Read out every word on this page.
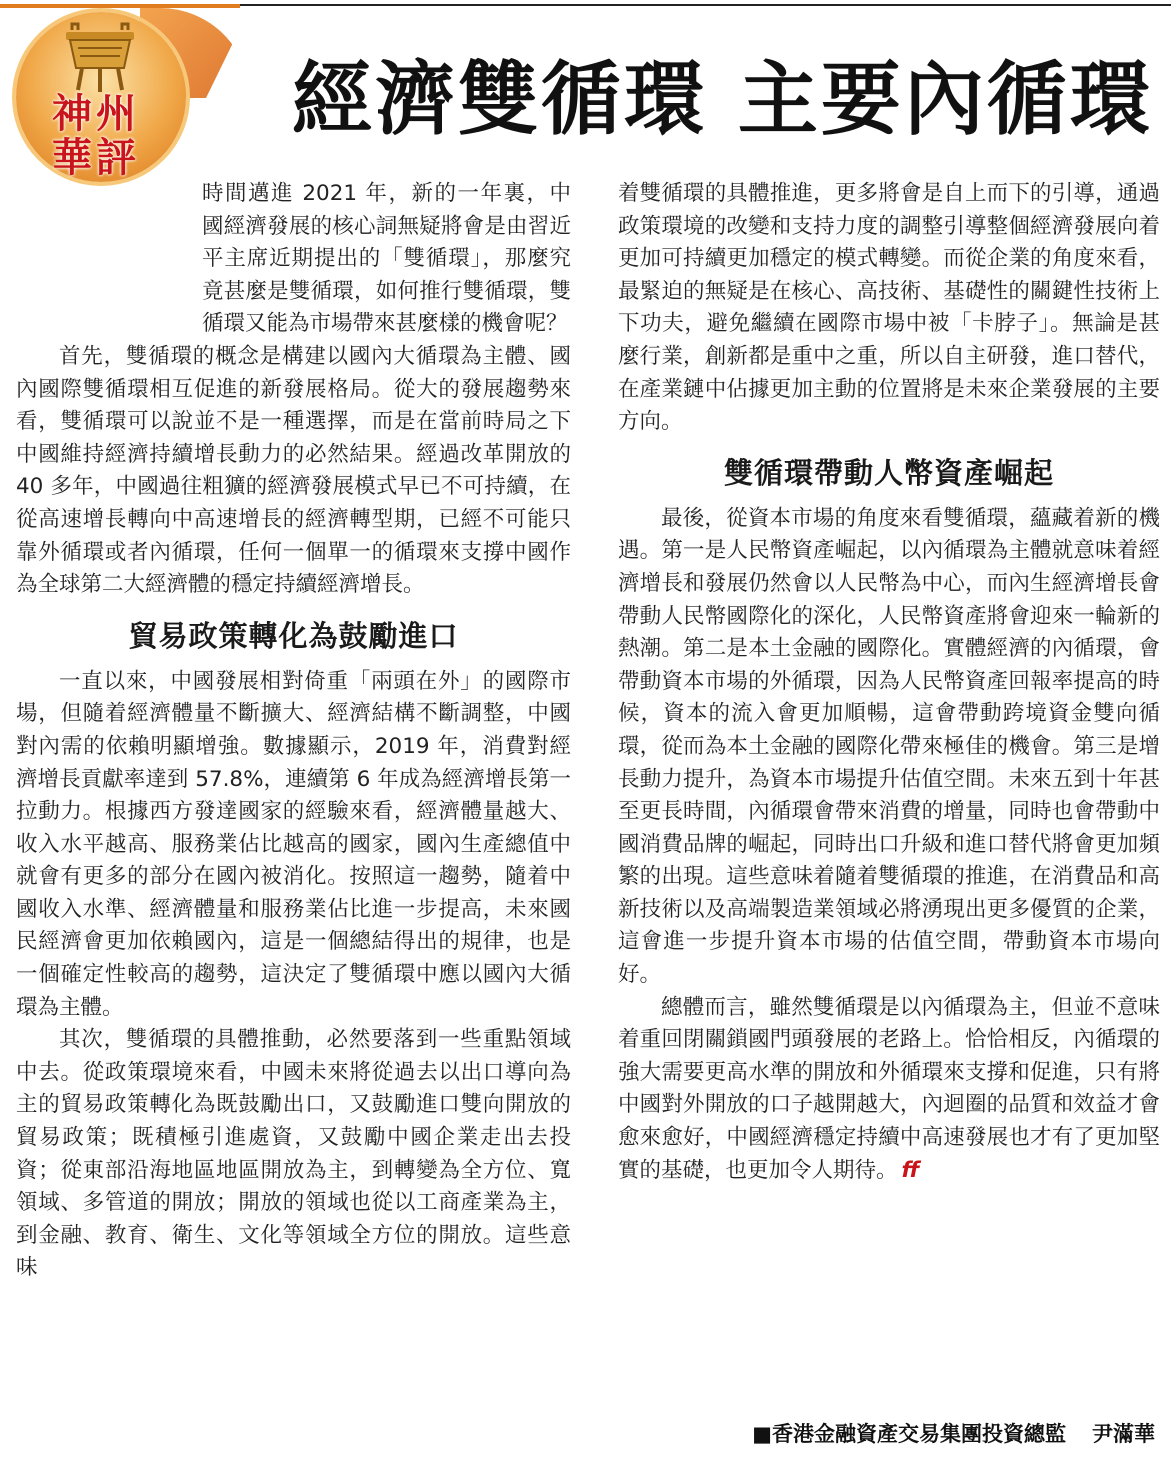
神州
華評
經濟雙循環 主要內循環

時間邁進 2021 年，新的一年裏，中國經濟發展的核心詞無疑將會是由習近平主席近期提出的「雙循環」，那麼究竟甚麼是雙循環，如何推行雙循環，雙循環又能為市場帶來甚麼樣的機會呢？

首先，雙循環的概念是構建以國內大循環為主體、國內國際雙循環相互促進的新發展格局。從大的發展趨勢來看，雙循環可以說並不是一種選擇，而是在當前時局之下中國維持經濟持續增長動力的必然結果。經過改革開放的 40 多年，中國過往粗獷的經濟發展模式早已不可持續，在從高速增長轉向中高速增長的經濟轉型期，已經不可能只靠外循環或者內循環，任何一個單一的循環來支撐中國作為全球第二大經濟體的穩定持續經濟增長。

貿易政策轉化為鼓勵進口

一直以來，中國發展相對倚重「兩頭在外」的國際市場，但隨着經濟體量不斷擴大、經濟結構不斷調整，中國對內需的依賴明顯增強。數據顯示，2019 年，消費對經濟增長貢獻率達到 57.8%，連續第 6 年成為經濟增長第一拉動力。根據西方發達國家的經驗來看，經濟體量越大、收入水平越高、服務業佔比越高的國家，國內生產總值中就會有更多的部分在國內被消化。按照這一趨勢，隨着中國收入水準、經濟體量和服務業佔比進一步提高，未來國民經濟會更加依賴國內，這是一個總結得出的規律，也是一個確定性較高的趨勢，這決定了雙循環中應以國內大循環為主體。

其次，雙循環的具體推動，必然要落到一些重點領域中去。從政策環境來看，中國未來將從過去以出口導向為主的貿易政策轉化為既鼓勵出口，又鼓勵進口雙向開放的貿易政策；既積極引進處資，又鼓勵中國企業走出去投資；從東部沿海地區地區開放為主，到轉變為全方位、寬領域、多管道的開放；開放的領域也從以工商產業為主，到金融、教育、衛生、文化等領域全方位的開放。這些意味

着雙循環的具體推進，更多將會是自上而下的引導，通過政策環境的改變和支持力度的調整引導整個經濟發展向着更加可持續更加穩定的模式轉變。而從企業的角度來看，最緊迫的無疑是在核心、高技術、基礎性的關鍵性技術上下功夫，避免繼續在國際市場中被「卡脖子」。無論是甚麼行業，創新都是重中之重，所以自主研發，進口替代，在產業鏈中佔據更加主動的位置將是未來企業發展的主要方向。

雙循環帶動人幣資產崛起

最後，從資本市場的角度來看雙循環，蘊藏着新的機遇。第一是人民幣資產崛起，以內循環為主體就意味着經濟增長和發展仍然會以人民幣為中心，而內生經濟增長會帶動人民幣國際化的深化，人民幣資產將會迎來一輪新的熱潮。第二是本土金融的國際化。實體經濟的內循環，會帶動資本市場的外循環，因為人民幣資產回報率提高的時候，資本的流入會更加順暢，這會帶動跨境資金雙向循環，從而為本土金融的國際化帶來極佳的機會。第三是增長動力提升，為資本市場提升估值空間。未來五到十年甚至更長時間，內循環會帶來消費的增量，同時也會帶動中國消費品牌的崛起，同時出口升級和進口替代將會更加頻繁的出現。這些意味着隨着雙循環的推進，在消費品和高新技術以及高端製造業領域必將湧現出更多優質的企業，這會進一步提升資本市場的估值空間，帶動資本市場向好。

總體而言，雖然雙循環是以內循環為主，但並不意味着重回閉關鎖國門頭發展的老路上。恰恰相反，內循環的強大需要更高水準的開放和外循環來支撐和促進，只有將中國對外開放的口子越開越大，內迴圈的品質和效益才會愈來愈好，中國經濟穩定持續中高速發展也才有了更加堅實的基礎，也更加令人期待。 ff

■香港金融資產交易集團投資總監 尹滿華
